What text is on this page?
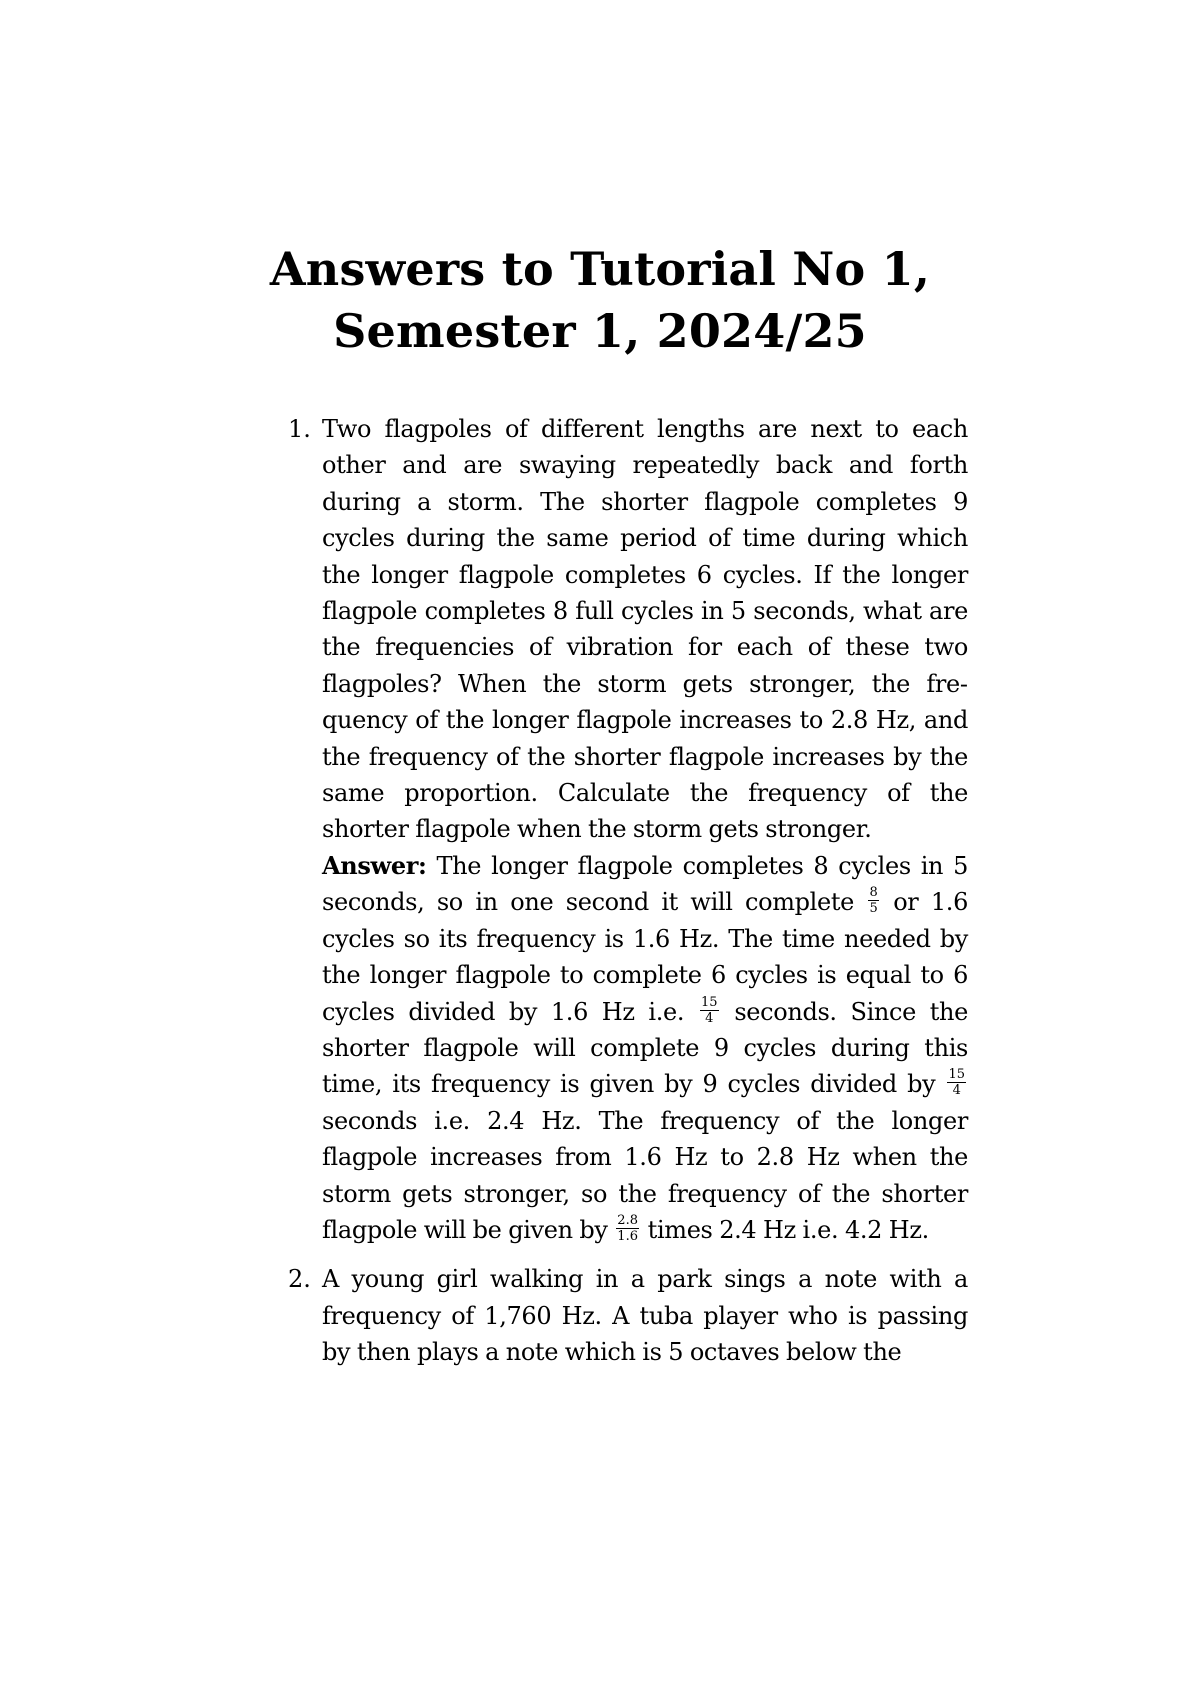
Answers to Tutorial No 1,
Semester 1, 2024/25
1. Two flagpoles of different lengths are next to each other and are swaying repeatedly back and forth during a storm. The shorter flagpole completes 9 cycles during the same period of time during which the longer flagpole completes 6 cycles. If the longer flagpole completes 8 full cycles in 5 seconds, what are the frequencies of vibration for each of these two flagpoles? When the storm gets stronger, the frequency of the longer flagpole increases to 2.8 Hz, and the frequency of the shorter flagpole increases by the same proportion. Calculate the frequency of the shorter flagpole when the storm gets stronger.
Answer: The longer flagpole completes 8 cycles in 5 seconds, so in one second it will complete $\frac{8}{5}$ or 1.6 cycles so its frequency is 1.6 Hz. The time needed by the longer flagpole to complete 6 cycles is equal to 6 cycles divided by 1.6 Hz i.e. $\frac{15}{4}$ seconds. Since the shorter flagpole will complete 9 cycles during this time, its frequency is given by 9 cycles divided by $\frac{15}{4}$
seconds i.e. 2.4 Hz. The frequency of the longer flagpole increases from 1.6 Hz to 2.8 Hz when the storm gets stronger, so the frequency of the shorter flagpole will be given by $\frac{2.8}{1.6}$ times 2.4 Hz i.e. 4.2 Hz.
2. A young girl walking in a park sings a note with a frequency of 1,760 Hz. A tuba player who is passing by then plays a note which is 5 octaves below the
